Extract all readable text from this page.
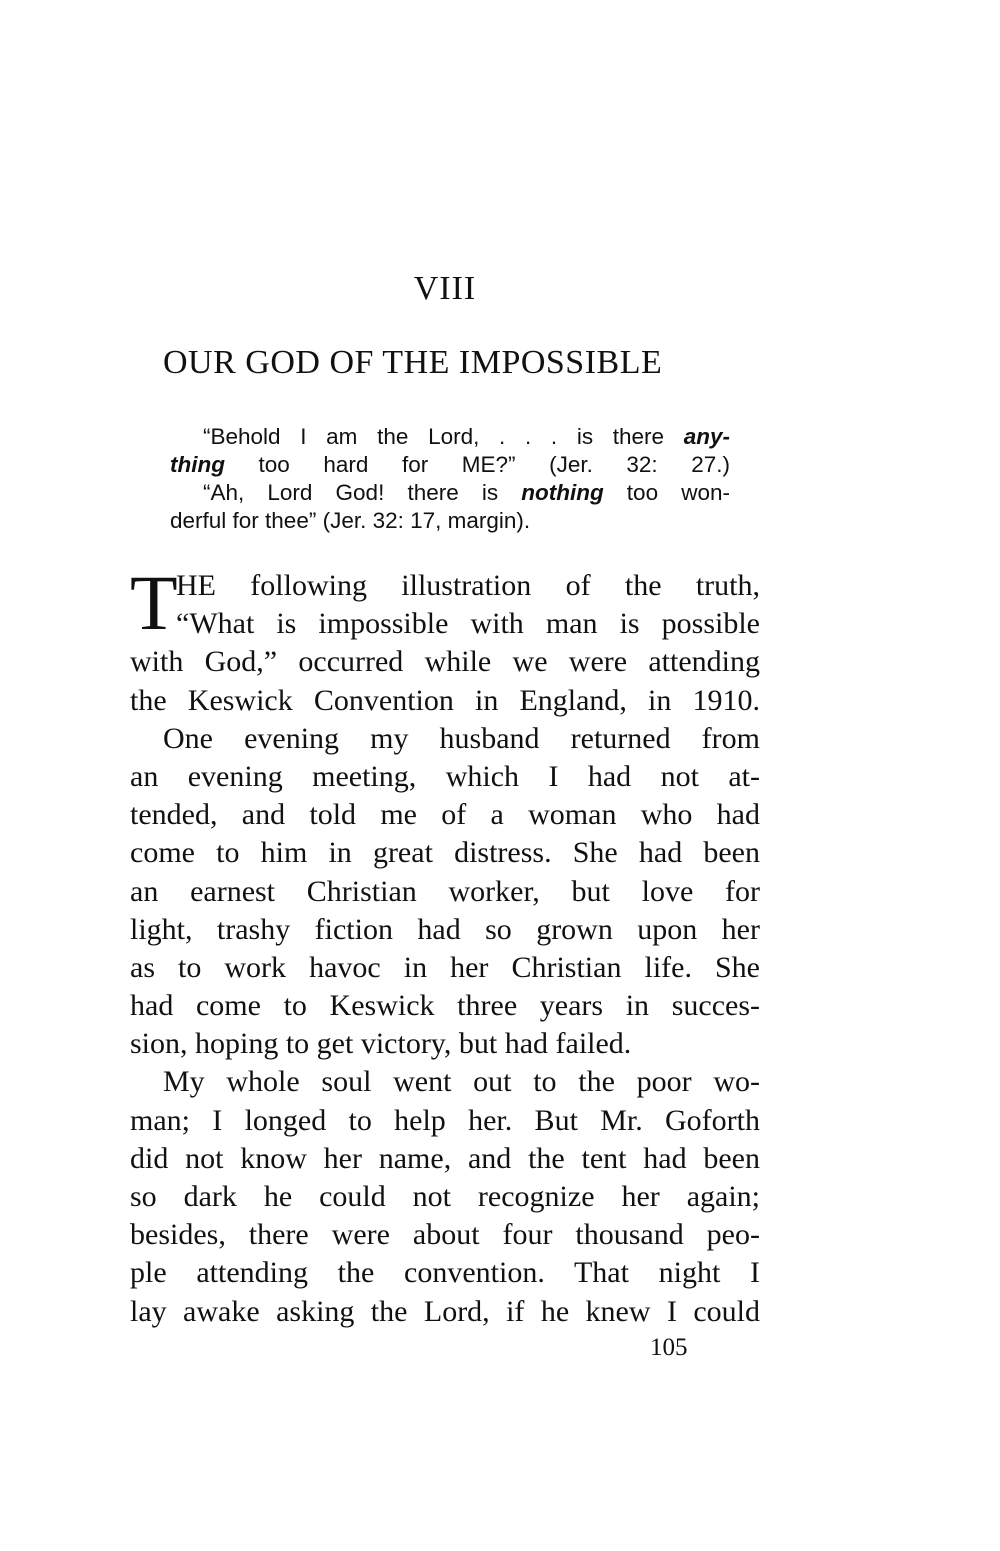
VIII
OUR GOD OF THE IMPOSSIBLE
“Behold I am the Lord, . . . is there any-
thing too hard for ME?” (Jer. 32: 27.)
“Ah, Lord God! there is nothing too won-
derful for thee” (Jer. 32: 17, margin).
T
HE following illustration of the truth,
“What is impossible with man is possible
with God,” occurred while we were attending
the Keswick Convention in England, in 1910.
One evening my husband returned from
an evening meeting, which I had not at-
tended, and told me of a woman who had
come to him in great distress. She had been
an earnest Christian worker, but love for
light, trashy fiction had so grown upon her
as to work havoc in her Christian life. She
had come to Keswick three years in succes-
sion, hoping to get victory, but had failed.
My whole soul went out to the poor wo-
man; I longed to help her. But Mr. Goforth
did not know her name, and the tent had been
so dark he could not recognize her again;
besides, there were about four thousand peo-
ple attending the convention. That night I
lay awake asking the Lord, if he knew I could
105
